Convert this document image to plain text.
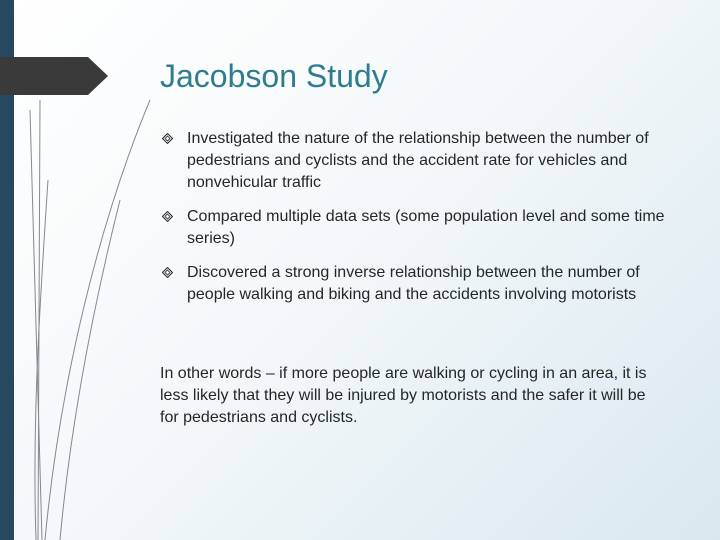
Jacobson Study
Investigated the nature of the relationship between the number of pedestrians and cyclists and the accident rate for vehicles and nonvehicular traffic
Compared multiple data sets (some population level and some time series)
Discovered a strong inverse relationship between the number of people walking and biking and the accidents involving motorists

In other words – if more people are walking or cycling in an area, it is less likely that they will be injured by motorists and the safer it will be for pedestrians and cyclists.
